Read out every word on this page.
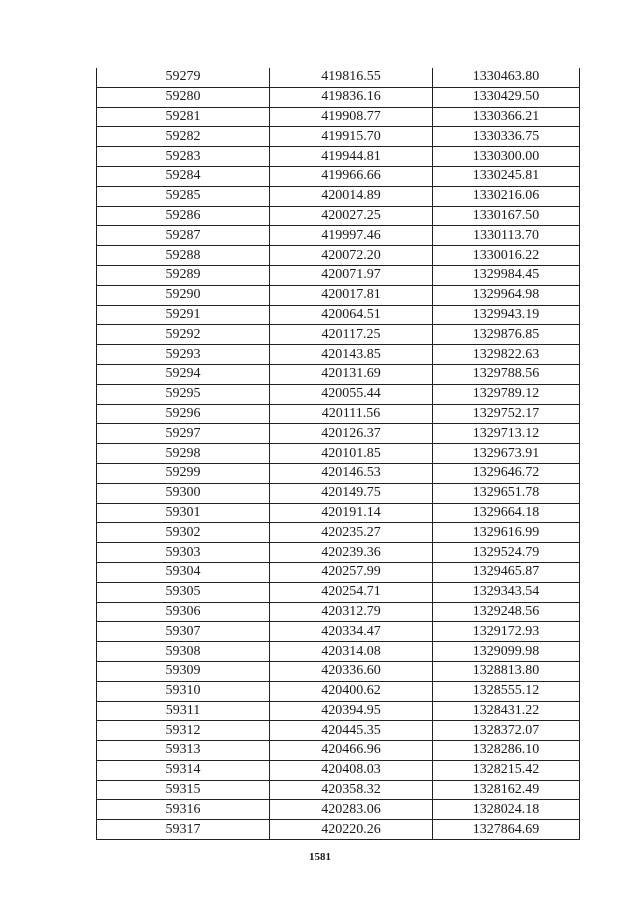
59279	419816.55	1330463.80
59280	419836.16	1330429.50
59281	419908.77	1330366.21
59282	419915.70	1330336.75
59283	419944.81	1330300.00
59284	419966.66	1330245.81
59285	420014.89	1330216.06
59286	420027.25	1330167.50
59287	419997.46	1330113.70
59288	420072.20	1330016.22
59289	420071.97	1329984.45
59290	420017.81	1329964.98
59291	420064.51	1329943.19
59292	420117.25	1329876.85
59293	420143.85	1329822.63
59294	420131.69	1329788.56
59295	420055.44	1329789.12
59296	420111.56	1329752.17
59297	420126.37	1329713.12
59298	420101.85	1329673.91
59299	420146.53	1329646.72
59300	420149.75	1329651.78
59301	420191.14	1329664.18
59302	420235.27	1329616.99
59303	420239.36	1329524.79
59304	420257.99	1329465.87
59305	420254.71	1329343.54
59306	420312.79	1329248.56
59307	420334.47	1329172.93
59308	420314.08	1329099.98
59309	420336.60	1328813.80
59310	420400.62	1328555.12
59311	420394.95	1328431.22
59312	420445.35	1328372.07
59313	420466.96	1328286.10
59314	420408.03	1328215.42
59315	420358.32	1328162.49
59316	420283.06	1328024.18
59317	420220.26	1327864.69
1581
